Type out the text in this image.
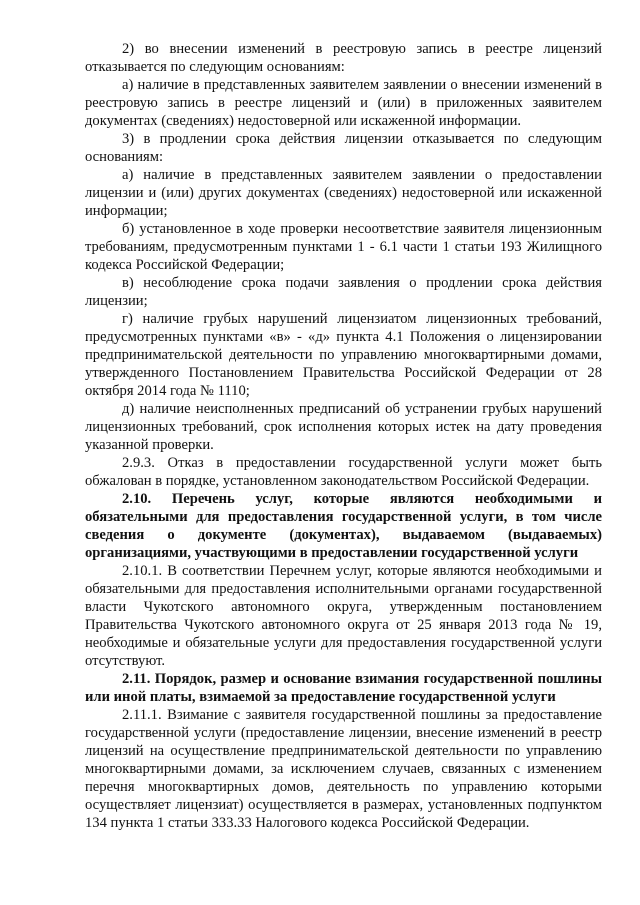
2) во внесении изменений в реестровую запись в реестре лицензий отказывается по следующим основаниям:

а) наличие в представленных заявителем заявлении о внесении изменений в реестровую запись в реестре лицензий и (или) в приложенных заявителем документах (сведениях) недостоверной или искаженной информации.

3) в продлении срока действия лицензии отказывается по следующим основаниям:

а) наличие в представленных заявителем заявлении о предоставлении лицензии и (или) других документах (сведениях) недостоверной или искаженной информации;

б) установленное в ходе проверки несоответствие заявителя лицензионным требованиям, предусмотренным пунктами 1 - 6.1 части 1 статьи 193 Жилищного кодекса Российской Федерации;

в) несоблюдение срока подачи заявления о продлении срока действия лицензии;

г) наличие грубых нарушений лицензиатом лицензионных требований, предусмотренных пунктами «в» - «д» пункта 4.1 Положения о лицензировании предпринимательской деятельности по управлению многоквартирными домами, утвержденного Постановлением Правительства Российской Федерации от 28 октября 2014 года № 1110;

д) наличие неисполненных предписаний об устранении грубых нарушений лицензионных требований, срок исполнения которых истек на дату проведения указанной проверки.

2.9.3. Отказ в предоставлении государственной услуги может быть обжалован в порядке, установленном законодательством Российской Федерации.

2.10. Перечень услуг, которые являются необходимыми и обязательными для предоставления государственной услуги, в том числе сведения о документе (документах), выдаваемом (выдаваемых) организациями, участвующими в предоставлении государственной услуги

2.10.1. В соответствии Перечнем услуг, которые являются необходимыми и обязательными для предоставления исполнительными органами государственной власти Чукотского автономного округа, утвержденным постановлением Правительства Чукотского автономного округа от 25 января 2013 года № 19, необходимые и обязательные услуги для предоставления государственной услуги отсутствуют.

2.11. Порядок, размер и основание взимания государственной пошлины или иной платы, взимаемой за предоставление государственной услуги

2.11.1. Взимание с заявителя государственной пошлины за предоставление государственной услуги (предоставление лицензии, внесение изменений в реестр лицензий на осуществление предпринимательской деятельности по управлению многоквартирными домами, за исключением случаев, связанных с изменением перечня многоквартирных домов, деятельность по управлению которыми осуществляет лицензиат) осуществляется в размерах, установленных подпунктом 134 пункта 1 статьи 333.33 Налогового кодекса Российской Федерации.
